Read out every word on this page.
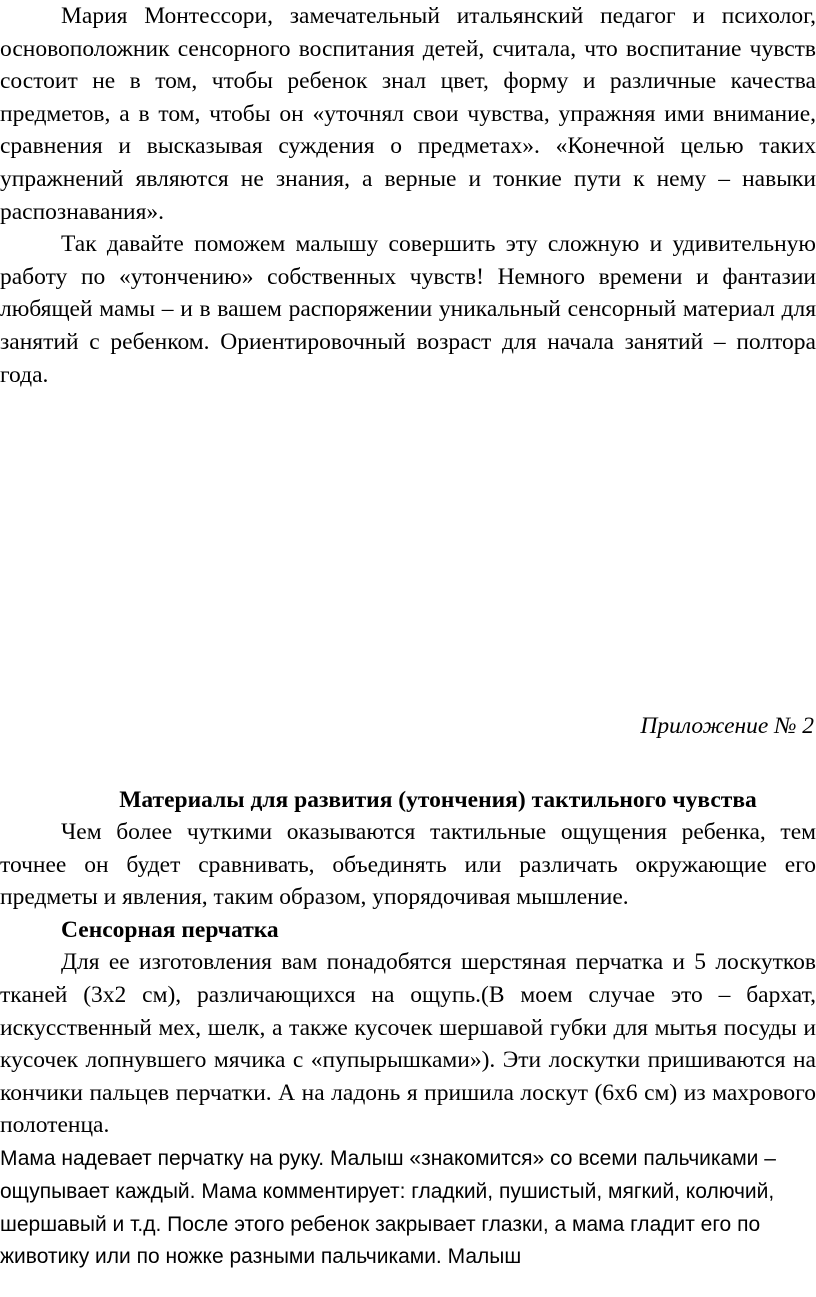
Мария Монтессори, замечательный итальянский педагог и психолог, основоположник сенсорного воспитания детей, считала, что воспитание чувств состоит не в том, чтобы ребенок знал цвет, форму и различные качества предметов, а в том, чтобы он «уточнял свои чувства, упражняя ими внимание, сравнения и высказывая суждения о предметах». «Конечной целью таких упражнений являются не знания, а верные и тонкие пути к нему – навыки распознавания».

Так давайте поможем малышу совершить эту сложную и удивительную работу по «утончению» собственных чувств! Немного времени и фантазии любящей мамы – и в вашем распоряжении уникальный сенсорный материал для занятий с ребенком. Ориентировочный возраст для начала занятий – полтора года.

Приложение № 2
Материалы для развития (утончения) тактильного чувства

Чем более чуткими оказываются тактильные ощущения ребенка, тем точнее он будет сравнивать, объединять или различать окружающие его предметы и явления, таким образом, упорядочивая мышление.

Сенсорная перчатка

Для ее изготовления вам понадобятся шерстяная перчатка и 5 лоскутков тканей (3х2 см), различающихся на ощупь.(В моем случае это – бархат, искусственный мех, шелк, а также кусочек шершавой губки для мытья посуды и кусочек лопнувшего мячика с «пупырышками»). Эти лоскутки пришиваются на кончики пальцев перчатки. А на ладонь я пришила лоскут (6х6 см) из махрового полотенца.

Мама надевает перчатку на руку. Малыш «знакомится» со всеми пальчиками – ощупывает каждый. Мама комментирует: гладкий, пушистый, мягкий, колючий, шершавый и т.д. После этого ребенок закрывает глазки, а мама гладит его по животику или по ножке разными пальчиками. Малыш
